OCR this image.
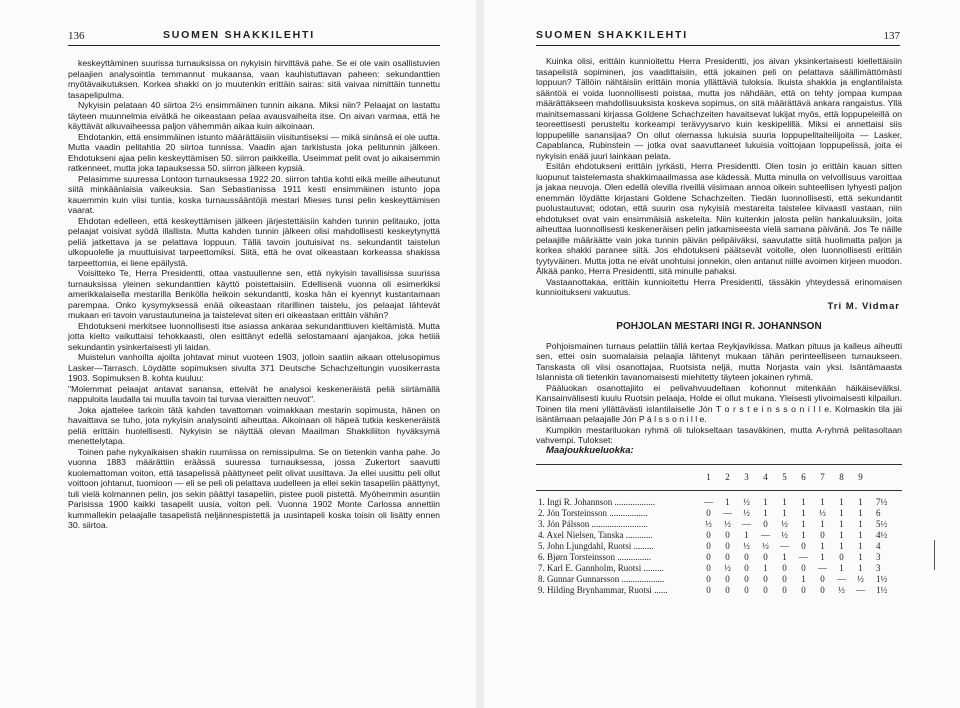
136	SUOMEN SHAKKILEHTI

keskeyttäminen suurissa turnauksissa on nykyisin hirvittävä pahe. Se ei ole vain osallistuvien pelaajien analysointia temmannut mukaansa, vaan kauhistuttavan paheen: sekundanttien myötävaikutuksen. Korkea shakki on jo muutenkin erittäin sairas: sitä vaivaa nimittäin tunnettu tasapelipulma.

Nykyisin pelataan 40 siirtoa 2½ ensimmäinen tunnin aikana. Miksi niin? Pelaajat on lastattu täyteen muunnelmia eivätkä he oikeastaan pelaa avausvaiheita itse. On aivan varmaa, että he käyttävät alkuvaiheessa paljon vähemmän aikaa kuin aikoinaan.

Ehdotankin, että ensimmäinen istunto määrättäisiin viisituntiseksi — mikä sinänsä ei ole uutta. Mutta vaadin pelitahtia 20 siirtoa tunnissa. Vaadin ajan tarkistusta joka pelitunnin jälkeen. Ehdotukseni ajaa pelin keskeyttämisen 50. siirron paikkeilla. Useimmat pelit ovat jo aikaisemmin ratkenneet, mutta joka tapauksessa 50. siirron jälkeen kypsiä.

Pelasimme suuressa Lontoon turnauksessa 1922 20. siirron tahtia kohti eikä meille aiheutunut siitä minkäänlaisia vaikeuksia. San Sebastianissa 1911 kesti ensimmäinen istunto jopa kauemmin kuin viisi tuntia, koska turnaussääntöjä mestari Mieses tunsi pelin keskeyttämisen vaarat.

Ehdotan edelleen, että keskeyttämisen jälkeen järjestettäisiin kahden tunnin pelitauko, jotta pelaajat voisivat syödä illallista. Mutta kahden tunnin jälkeen olisi mahdollisesti keskeytynyttä peliä jatkettava ja se pelattava loppuun. Tällä tavoin joutuisivat ns. sekundantit taistelun ulkopuolelle ja muuttuisivat tarpeettomiksi. Siitä, että he ovat oikeastaan korkeassa shakissa tarpeettomia, ei liene epäilystä.

Voisitteko Te, Herra Presidentti, ottaa vastuullenne sen, että nykyisin tavallisissa suurissa turnauksissa yleinen sekundanttien käyttö poistettaisiin. Edellisenä vuonna oli esimerkiksi amerikkalaisella mestarilla Benkölla heikoin sekundantti, koska hän ei kyennyt kustantamaan parempaa. Onko kysymyksessä enää oikeastaan ritarillinen taistelu, jos pelaajat lähtevät mukaan eri tavoin varustautuneina ja taistelevat siten eri oikeastaan erittäin vähän?

Ehdotukseni merkitsee luonnollisesti itse asiassa ankaraa sekundanttiuven kieltämistä. Mutta jotta kielto vaikuttaisi tehokkaasti, olen esittänyt edellä selostamaani ajanjakoa, joka hetiiä sekundantin ysinkertaisesti yli laidan.

Muistelun vanhoilta ajoilta johtavat minut vuoteen 1903, jolloin saatiin aikaan ottelusopimus Lasker—Tarrasch. Löydätte sopimuksen sivulta 371 Deutsche Schachzeitungin vuosikerrasta 1903. Sopimuksen 8. kohta kuuluu:

"Molemmat pelaajat antavat sanansa, etteivät he analysoi keskeneräistä peliä siirtämällä nappuloita laudalla tai muulla tavoin tai turvaa vieraitten neuvot".

Joka ajattelee tarkoin tätä kahden tavattoman voimakkaan mestarin sopimusta, hänen on havaittava se tuho, jota nykyisin analysointi aiheuttaa. Aikoinaan oli häpeä tutkia keskeneräistä peliä erittäin huolellisesti. Nykyisin se näyttää olevan Maailman Shakkiliiton hyväksymä menettelytapa.

Toinen pahe nykyaikaisen shakin ruumiissa on remissipulma. Se on tietenkin vanha pahe. Jo vuonna 1883 määrättiin eräässä suuressa turnauksessa, jossa Zukertort saavutti kuolemattoman voiton, että tasapelissä päättyneet pelit olivat uusittava. Ja ellei uusittu peli ollut voittoon johtanut, tuomioon — eli se peli oli pelattava uudelleen ja ellei sekin tasapeliin päättynyt, tuli vielä kolmannen pelin, jos sekin päättyi tasapeliin, pistee puoli pistettä. Myöhemmin asuntiin Parisissa 1900 kaikki tasapelit uusia, voiton peli. Vuonna 1902 Monte Carlossa annettiin kummallekin pelaajalle tasapelistä neljännespistettä ja uusintapeli koska toisin oli lisätty ennen 30. siirtoa.

SUOMEN SHAKKILEHTI	137

Kuinka olisi, erittäin kunnioitettu Herra Presidentti, jos aivan yksinkertaisesti kiellettäisiin tasapelistä sopiminen, jos vaadittaisiin, että jokainen peli on pelattava säällimättömästi loppuun? Tällöin nähtäisiin erittäin monia yllättäviä tuloksia. Ikuista shakkia ja englantilaista sääntöä ei voida luonnollisesti poistaa, mutta jos nähdään, että on tehty jompaa kumpaa määrättäkseen mahdollisuuksista koskeva sopimus, on sitä määrättävä ankara rangaistus. Yllä mainitsemassani kirjassa Goldene Schachzeiten havaitsevat lukijat myös, että loppupeleillä on teoreettisesti perusteltu korkeampi terävyysarvo kuin keskipelillä. Miksi ei annettaisi siis loppupelille sanansijaa? On ollut olemassa lukuisia suuria loppupelitaiteilijoita — Lasker, Capablanca, Rubinstein — jotka ovat saavuttaneet lukuisia voittojaan loppupelissä, joita ei nykyisin enää juuri lainkaan pelata.

Esitän ehdotukseni erittäin jyrkästi, Herra Presidentti. Olen tosin jo erittäin kauan sitten luopunut taistelemasta shakkimaailmassa ase kädessä. Mutta minulla on velvollisuus varoittaa ja jakaa neuvoja. Olen edellä olevilla riveillä viisimaan annoa oikein suhteellisen lyhyesti paljon enemmän löydätte kirjastani Goldene Schachzeiten. Tiedän luonnollisesti, että sekundantit puolustautuvat; odotan, että suurin osa nykyisiä mestareita taistelee kiivaasti vastaan, niin ehdotukset ovat vain ensimmäisiä askeleita. Niin kuitenkin jalosta peliin hankaluuksiin, joita aiheuttaa luonnollisesti keskeneräisen pelin jatkamiseesta vielä samana päivänä. Jos Te näille pelaajille määräätte vain joka tunnin päivän pelipäiväksi, saavutatte siitä huolimatta paljon ja korkea shakki paranee siitä. Jos ehdotukseni päätsevät voitolle, olen luonnollisesti erittäin tyytyväinen. Mutta jotta ne eivät unohtuisi jonnekin, olen antanut niille avoimen kirjeen muodon. Älkää panko, Herra Presidentti, sitä minulle pahaksi.

Vastaanottakaa, erittäin kunnioitettu Herra Presidentti, tässäkin yhteydessä erinomaisen kunnioitukseni vakuutus.

Tri M. Vidmar
POHJOLAN MESTARI INGI R. JOHANNSON

Pohjoismainen turnaus pelattiin tällä kertaa Reykjavikissa. Matkan pituus ja kalleus aiheutti sen, ettei osin suomalaisia pelaajia lähtenyt mukaan tähän perinteelliseen turnaukseen. Tanskasta oli viisi osanottajaa, Ruotsista neljä, mutta Norjasta vain yksi. Isäntämaasta Islannista oli tietenkin tavanomaisesti miehitetty täyteen jokainen ryhmä.

Pääluokan osanottajiito ei pelivahvuudeltaan kohonnut mitenkään häikäisevälksi. Kansainvälisesti kuulu Ruotsin pelaaja, Holde ei ollut mukana. Yleisesti ylivoimaisesti kilpailun. Toinen tila meni yllättävästi islantilaiselle Jón T o r s t e i n s s o n i l l e. Kolmaskin tila jäi isäntämaan pelaajalle Jón P á l s s o n i l l e.

Kumpikin mestariluokan ryhmä oli tulokseltaan tasaväkinen, mutta A-ryhmä pelitasoltaan vahvempi. Tulokset:

Maajoukkueluokka:

	1	2	3	4	5	6	7	8	9	

1. Ingi R. Johannson ..................	—	1	½	1	1	1	1	1	1	7½
2. Jón Torsteinsson .................	0	—	½	1	1	1	½	1	1	6
3. Jón Pálsson .........................	½	½	—	0	½	1	1	1	1	5½
4. Axel Nielsen, Tanska ............	0	0	1	—	½	1	0	1	1	4½
5. John Ljungdahl, Ruotsi .........	0	0	½	½	—	0	1	1	1	4
6. Bjørn Torsteinsson ...............	0	0	0	0	1	—	1	0	1	3
7. Karl E. Gannholm, Ruotsi .........	0	½	0	1	0	0	—	1	1	3
8. Gunnar Gunnarsson ...................	0	0	0	0	0	1	0	—	½	1½
9. Hilding Brynhammar, Ruotsi ......	0	0	0	0	0	0	0	½	—	1½
